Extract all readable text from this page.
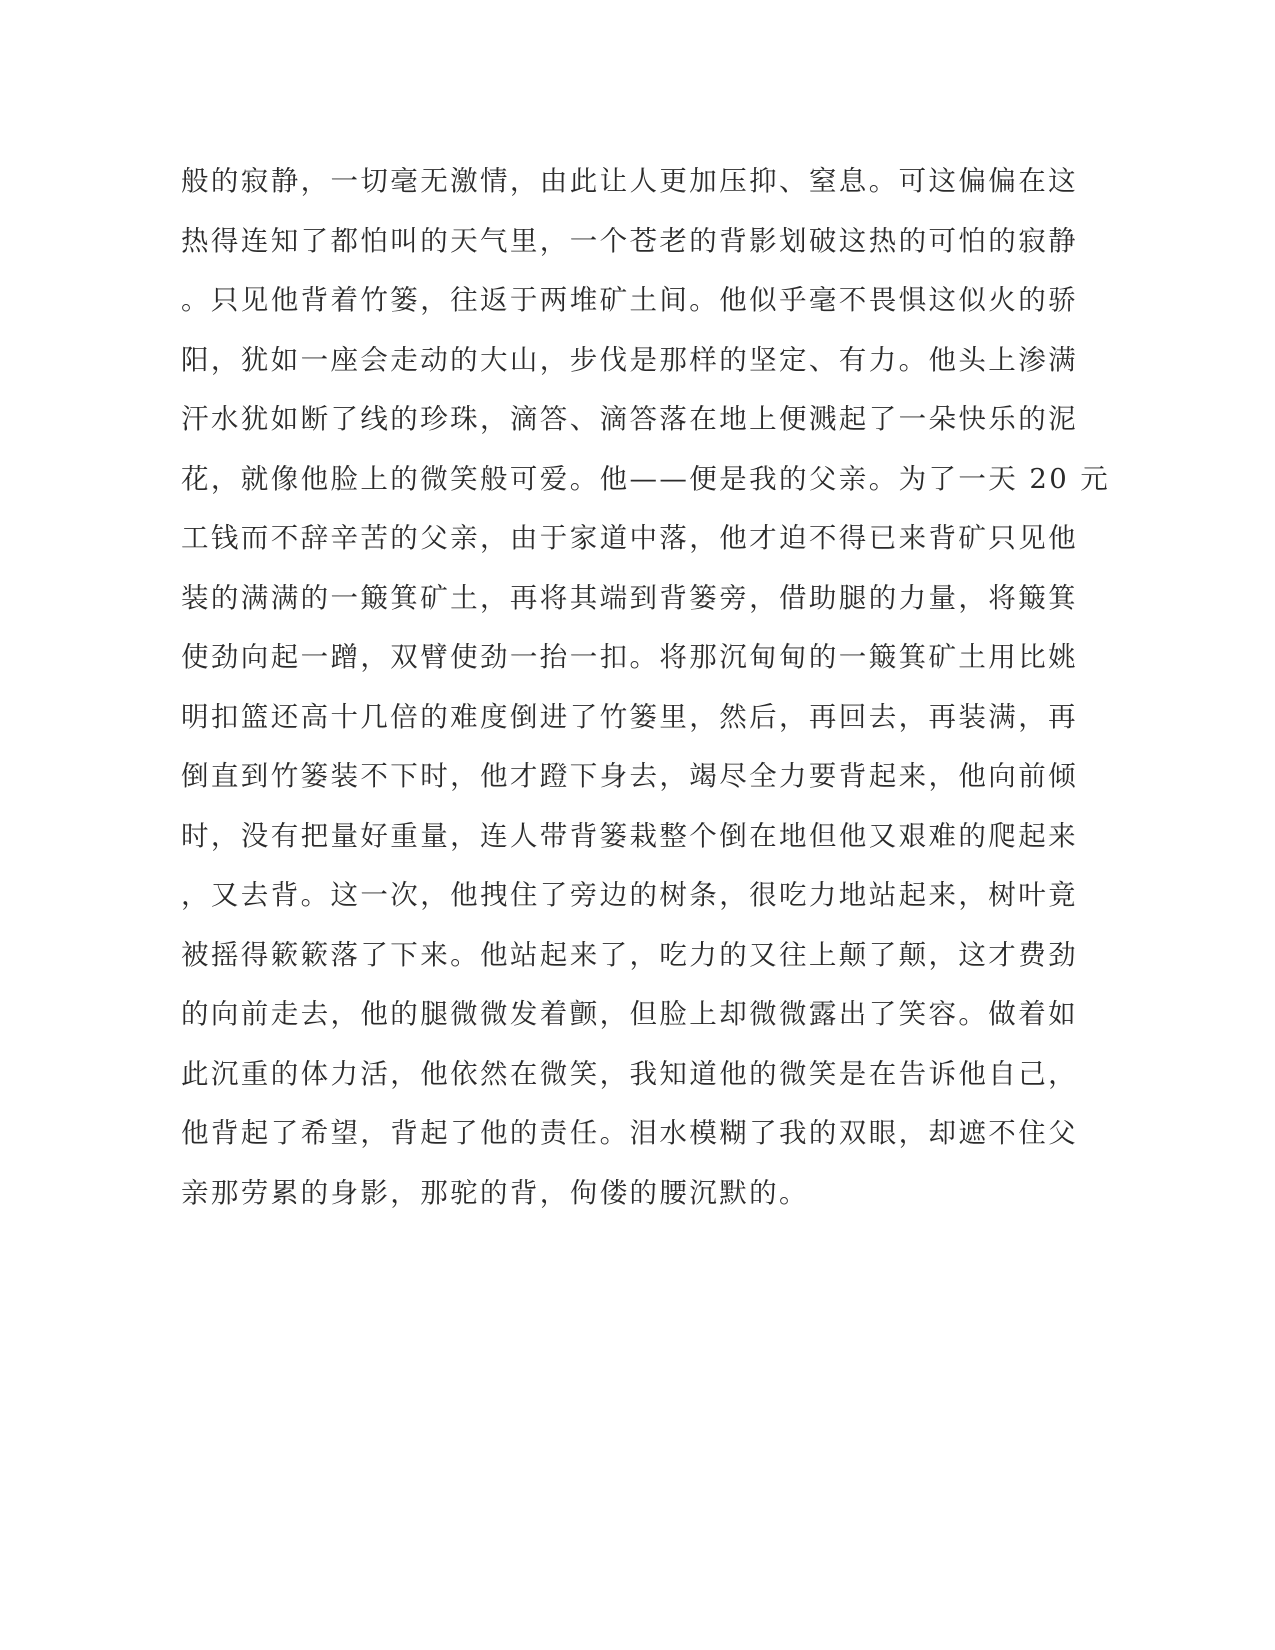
般的寂静，一切毫无激情，由此让人更加压抑、窒息。可这偏偏在这
热得连知了都怕叫的天气里，一个苍老的背影划破这热的可怕的寂静
。只见他背着竹篓，往返于两堆矿土间。他似乎毫不畏惧这似火的骄
阳，犹如一座会走动的大山，步伐是那样的坚定、有力。他头上渗满
汗水犹如断了线的珍珠，滴答、滴答落在地上便溅起了一朵快乐的泥
花，就像他脸上的微笑般可爱。他——便是我的父亲。为了一天 20 元
工钱而不辞辛苦的父亲，由于家道中落，他才迫不得已来背矿只见他
装的满满的一簸箕矿土，再将其端到背篓旁，借助腿的力量，将簸箕
使劲向起一蹭，双臂使劲一抬一扣。将那沉甸甸的一簸箕矿土用比姚
明扣篮还高十几倍的难度倒进了竹篓里，然后，再回去，再装满，再
倒直到竹篓装不下时，他才蹬下身去，竭尽全力要背起来，他向前倾
时，没有把量好重量，连人带背篓栽整个倒在地但他又艰难的爬起来
，又去背。这一次，他拽住了旁边的树条，很吃力地站起来，树叶竟
被摇得簌簌落了下来。他站起来了，吃力的又往上颠了颠，这才费劲
的向前走去，他的腿微微发着颤，但脸上却微微露出了笑容。做着如
此沉重的体力活，他依然在微笑，我知道他的微笑是在告诉他自己，
他背起了希望，背起了他的责任。泪水模糊了我的双眼，却遮不住父
亲那劳累的身影，那驼的背，佝偻的腰沉默的。
